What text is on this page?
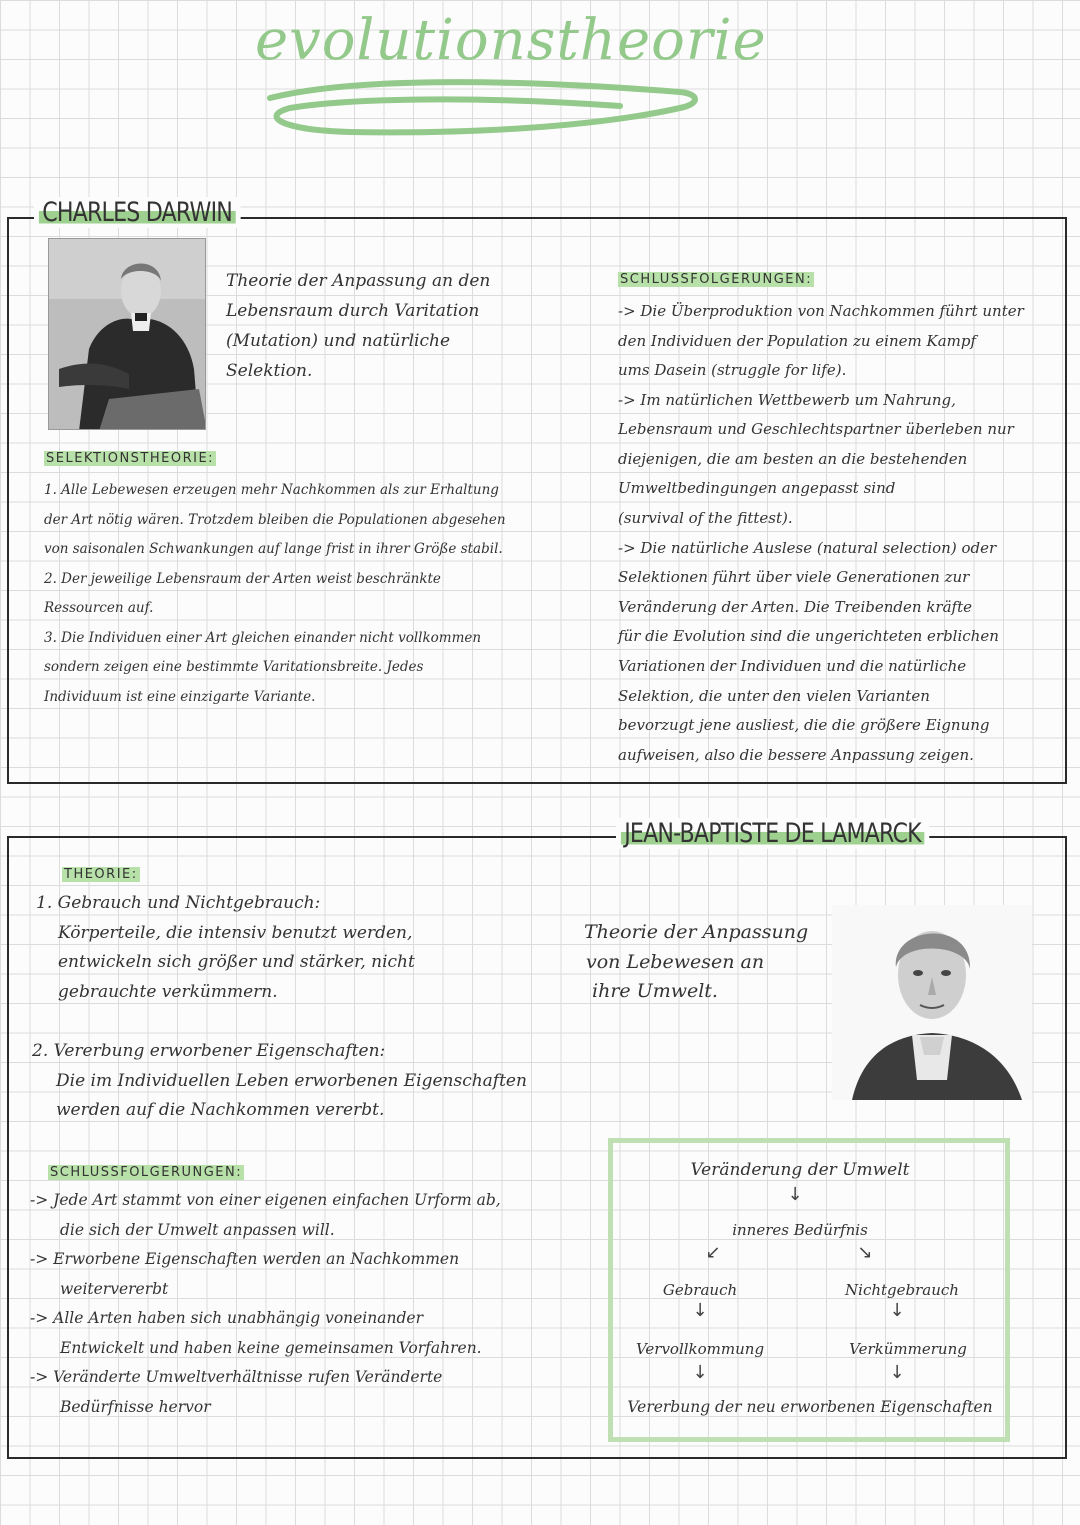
evolutionstheorie
CHARLES DARWIN
Theorie der Anpassung an den
Lebensraum durch Varitation
(Mutation) und natürliche
Selektion.
SELEKTIONSTHEORIE:
1. Alle Lebewesen erzeugen mehr Nachkommen als zur Erhaltung
der Art nötig wären. Trotzdem bleiben die Populationen abgesehen
von saisonalen Schwankungen auf lange frist in ihrer Größe stabil.
2. Der jeweilige Lebensraum der Arten weist beschränkte
Ressourcen auf.
3. Die Individuen einer Art gleichen einander nicht vollkommen
sondern zeigen eine bestimmte Varitationsbreite. Jedes
Individuum ist eine einzigarte Variante.
SCHLUSSFOLGERUNGEN:
-> Die Überproduktion von Nachkommen führt unter
den Individuen der Population zu einem Kampf
ums Dasein (struggle for life).
-> Im natürlichen Wettbewerb um Nahrung,
Lebensraum und Geschlechtspartner überleben nur
diejenigen, die am besten an die bestehenden
Umweltbedingungen angepasst sind
(survival of the fittest).
-> Die natürliche Auslese (natural selection) oder
Selektionen führt über viele Generationen zur
Veränderung der Arten. Die Treibenden kräfte
für die Evolution sind die ungerichteten erblichen
Variationen der Individuen und die natürliche
Selektion, die unter den vielen Varianten
bevorzugt jene ausliest, die die größere Eignung
aufweisen, also die bessere Anpassung zeigen.
JEAN-BAPTISTE DE LAMARCK
THEORIE:
1. Gebrauch und Nichtgebrauch:
Körperteile, die intensiv benutzt werden,
entwickeln sich größer und stärker, nicht
gebrauchte verkümmern.
2. Vererbung erworbener Eigenschaften:
Die im Individuellen Leben erworbenen Eigenschaften
werden auf die Nachkommen vererbt.
Theorie der Anpassung
von Lebewesen an
ihre Umwelt.
SCHLUSSFOLGERUNGEN:
-> Jede Art stammt von einer eigenen einfachen Urform ab,
die sich der Umwelt anpassen will.
-> Erworbene Eigenschaften werden an Nachkommen
weitervererbt
-> Alle Arten haben sich unabhängig voneinander
Entwickelt und haben keine gemeinsamen Vorfahren.
-> Veränderte Umweltverhältnisse rufen Veränderte
Bedürfnisse hervor
Veränderung der Umwelt
↓
inneres Bedürfnis
↙	↘
Gebrauch	Nichtgebrauch
↓	↓
Vervollkommung	Verkümmerung
↓	↓
Vererbung der neu erworbenen Eigenschaften
